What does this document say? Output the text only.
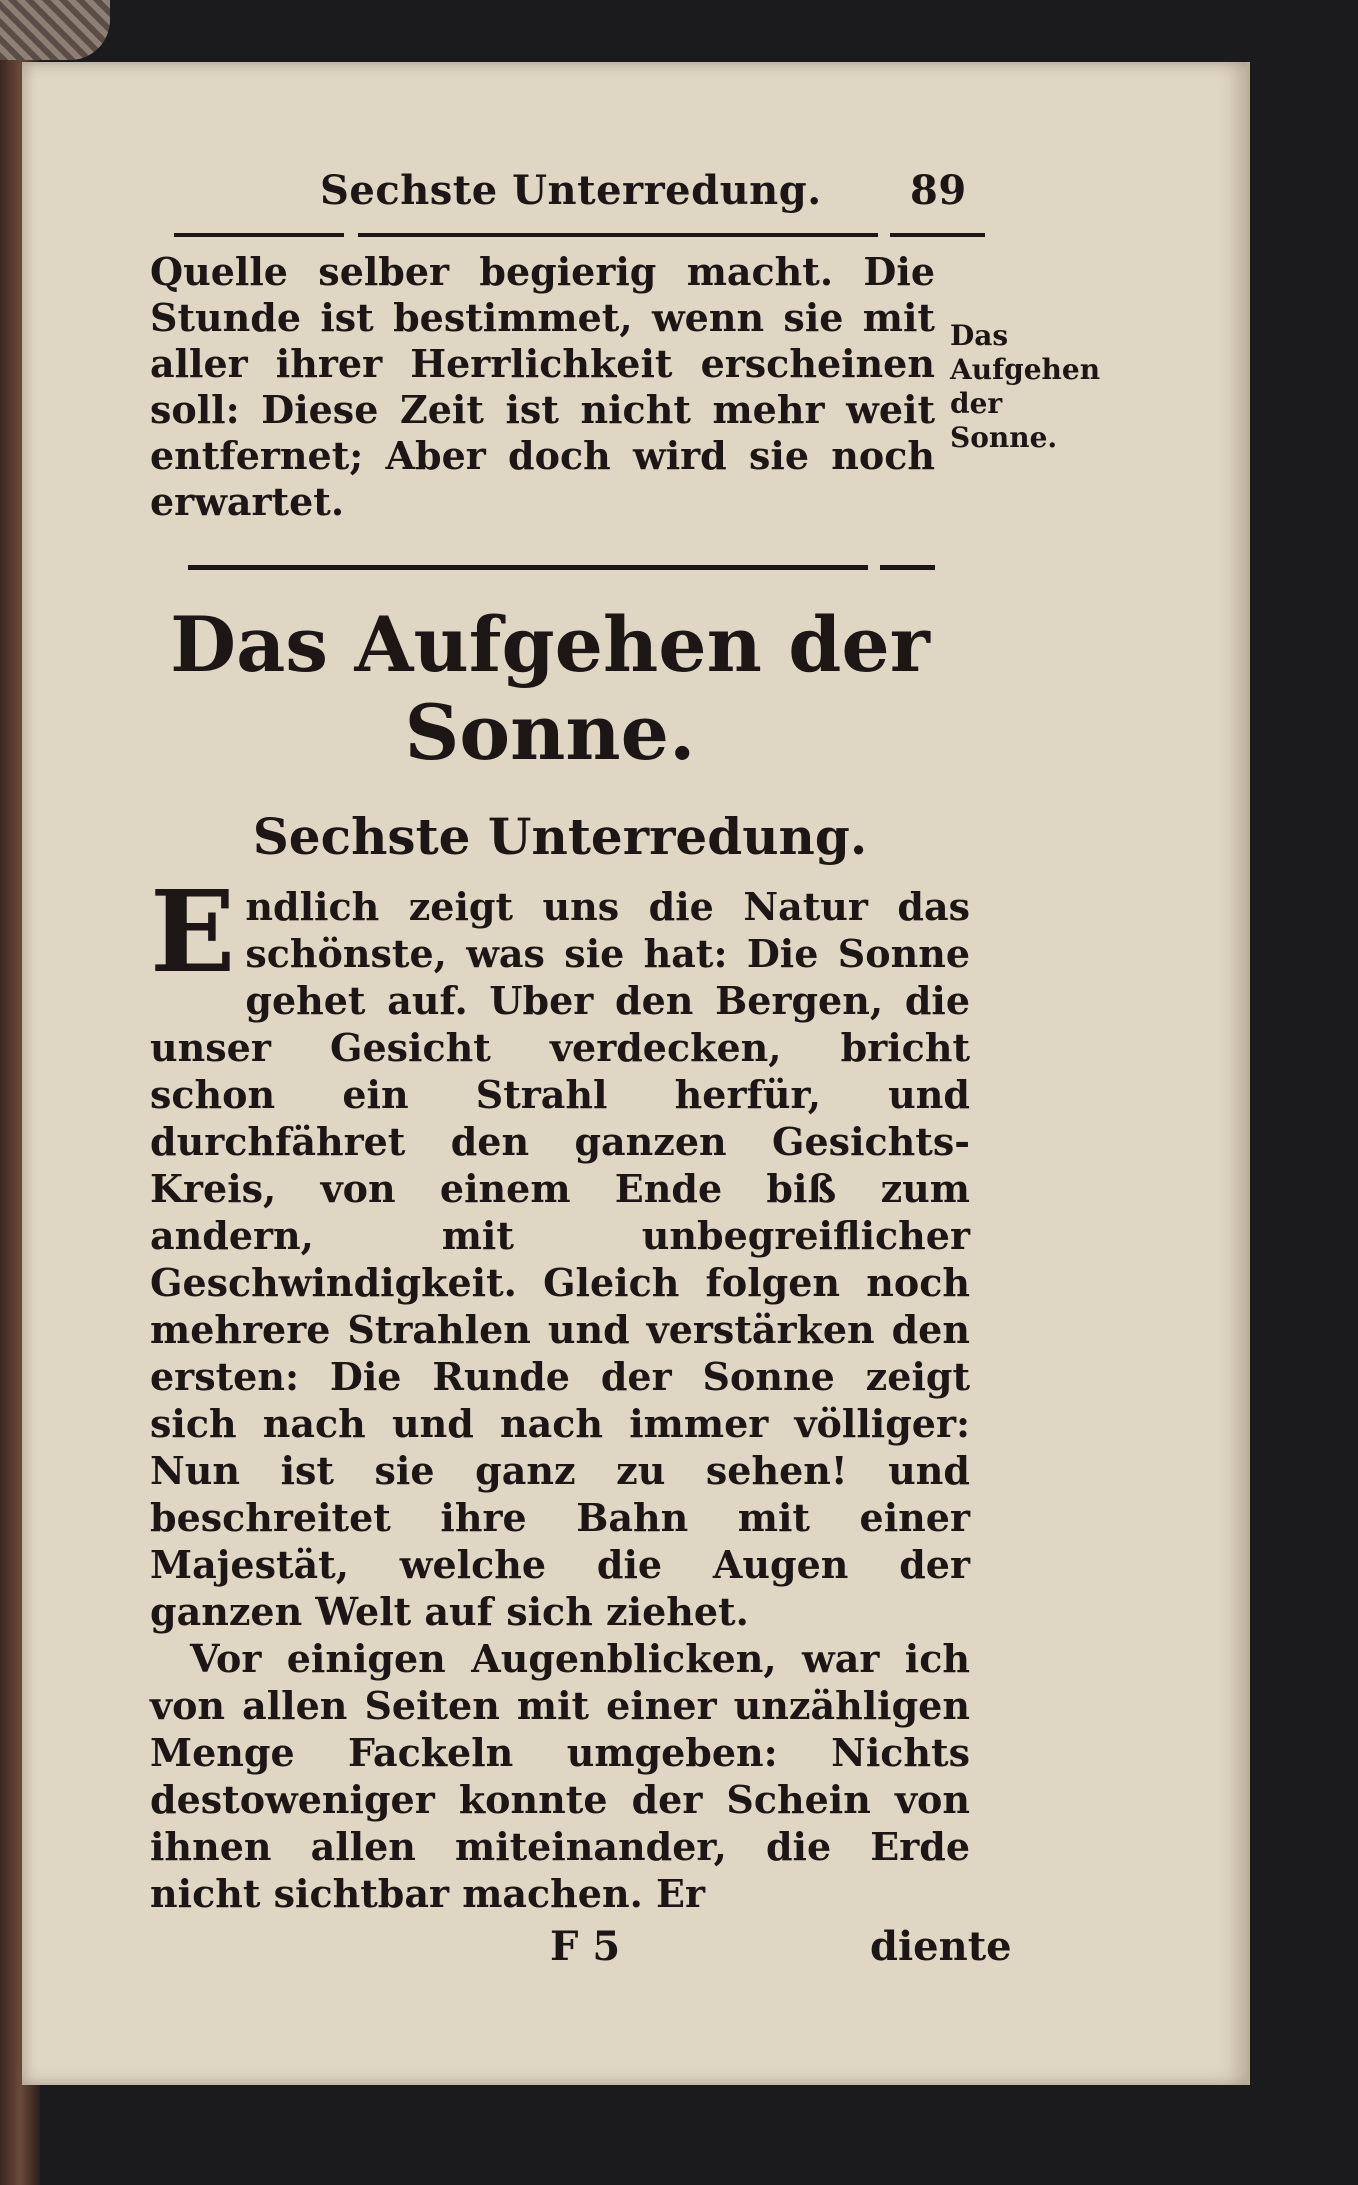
Sechste Unterredung. 89

Quelle selber begierig macht. Die Stunde ist bestimmet, wenn sie mit aller ihrer Herrlichkeit erscheinen soll: Diese Zeit ist nicht mehr weit entfernet; Aber doch wird sie noch erwartet.

Das Aufgehen der Sonne.
Das Aufgehen der
Sonne.
Sechste Unterredung.
E ndlich zeigt uns die Natur das schönste, was sie hat: Die Sonne gehet auf. Uber den Bergen, die unser Gesicht verdecken, bricht schon ein Strahl herfür, und durchfähret den ganzen Gesichts-Kreis, von einem Ende biß zum andern, mit unbegreiflicher Geschwindigkeit. Gleich folgen noch mehrere Strahlen und verstärken den ersten: Die Runde der Sonne zeigt sich nach und nach immer völliger: Nun ist sie ganz zu sehen! und beschreitet ihre Bahn mit einer Majestät, welche die Augen der ganzen Welt auf sich ziehet.
Vor einigen Augenblicken, war ich von allen Seiten mit einer unzähligen Menge Fackeln umgeben: Nichts destoweniger konnte der Schein von ihnen allen miteinander, die Erde nicht sichtbar machen. Er
F 5	diente
